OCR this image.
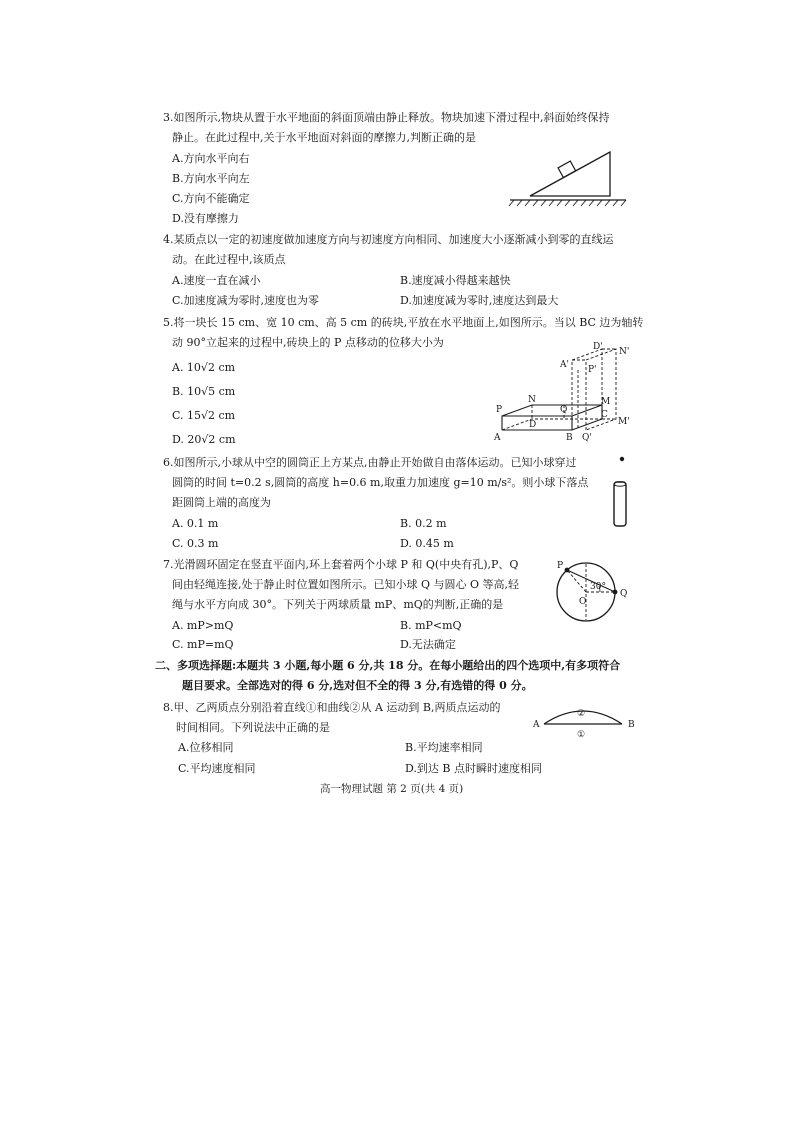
3.如图所示,物块从置于水平地面的斜面顶端由静止释放。物块加速下滑过程中,斜面始终保持
静止。在此过程中,关于水平地面对斜面的摩擦力,判断正确的是
A.方向水平向右
B.方向水平向左
C.方向不能确定
D.没有摩擦力
4.某质点以一定的初速度做加速度方向与初速度方向相同、加速度大小逐渐减小到零的直线运
动。在此过程中,该质点
A.速度一直在减小	B.速度减小得越来越快
C.加速度减为零时,速度也为零	D.加速度减为零时,速度达到最大
5.将一块长 15 cm、宽 10 cm、高 5 cm 的砖块,平放在水平地面上,如图所示。当以 BC 边为轴转
动 90°立起来的过程中,砖块上的 P 点移动的位移大小为
A. 10√2 cm
B. 10√5 cm
C. 15√2 cm
D. 20√2 cm	A	B
C
D
P
N	M
Q
A'
D' N'
P'
M'
Q'
6.如图所示,小球从中空的圆筒正上方某点,由静止开始做自由落体运动。已知小球穿过
圆筒的时间 t=0.2 s,圆筒的高度 h=0.6 m,取重力加速度 g=10 m/s²。则小球下落点
距圆筒上端的高度为
A. 0.1 m	B. 0.2 m
C. 0.3 m	D. 0.45 m
7.光滑圆环固定在竖直平面内,环上套着两个小球 P 和 Q(中央有孔),P、Q
间由轻绳连接,处于静止时位置如图所示。已知小球 Q 与圆心 O 等高,轻
绳与水平方向成 30°。下列关于两球质量 mP、mQ的判断,正确的是
A. mP>mQ	B. mP<mQ
C. mP=mQ	D.无法确定
P
Q
O
30°
二、多项选择题:本题共 3 小题,每小题 6 分,共 18 分。在每小题给出的四个选项中,有多项符合
题目要求。全部选对的得 6 分,选对但不全的得 3 分,有选错的得 0 分。
8.甲、乙两质点分别沿着直线①和曲线②从 A 运动到 B,两质点运动的
时间相同。下列说法中正确的是
A.位移相同	B.平均速率相同
C.平均速度相同	D.到达 B 点时瞬时速度相同
A	B
②
①
高一物理试题 第 2 页(共 4 页)
